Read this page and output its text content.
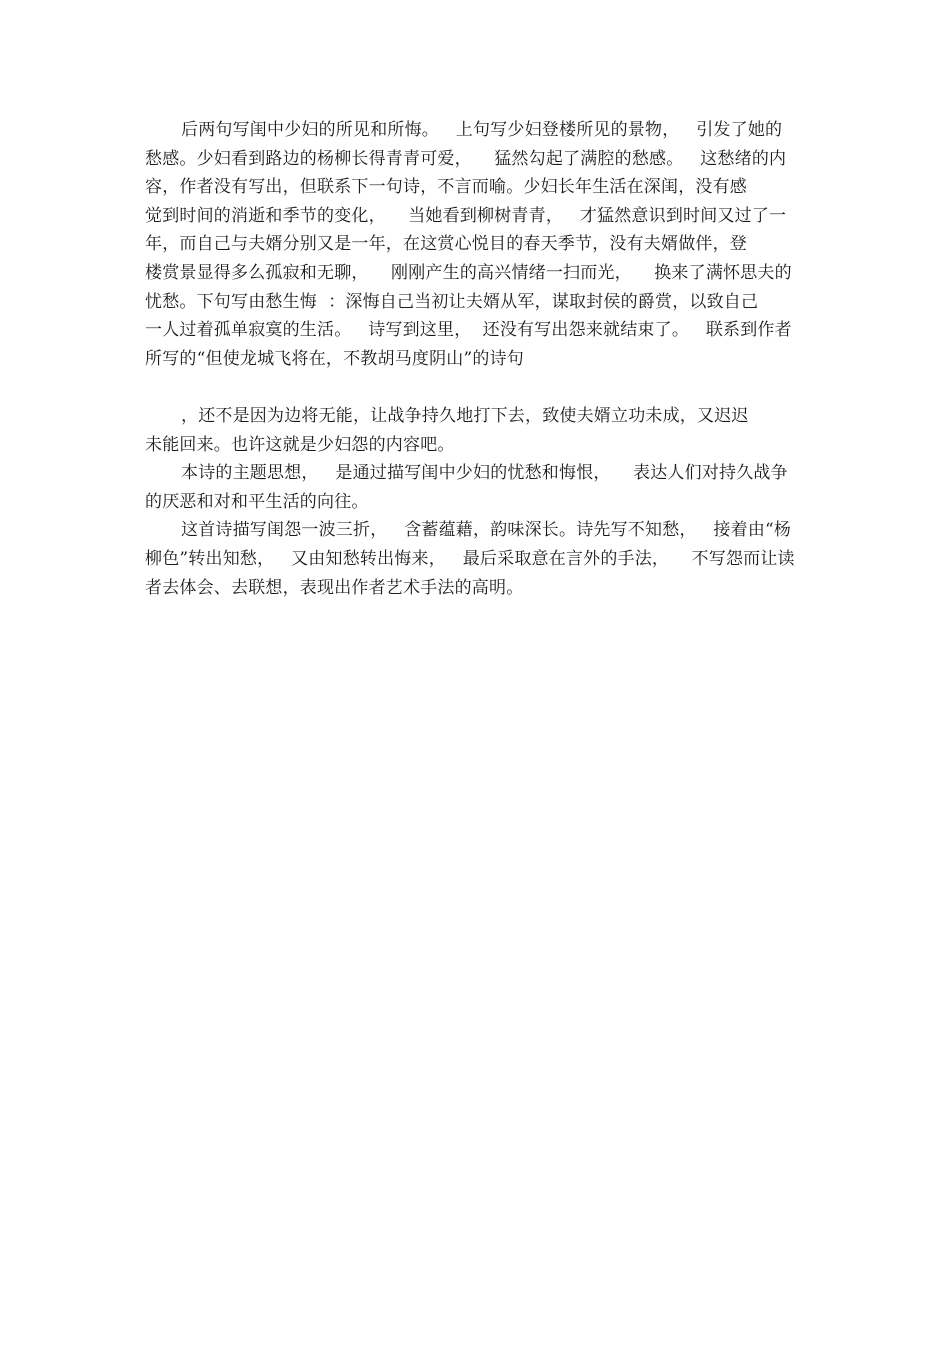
后两句写闺中少妇的所见和所悔。   上句写少妇登楼所见的景物，   引发了她的
愁感。少妇看到路边的杨柳长得青青可爱，    猛然勾起了满腔的愁感。   这愁绪的内
容，作者没有写出，但联系下一句诗，不言而喻。少妇长年生活在深闺，没有感
觉到时间的消逝和季节的变化，    当她看到柳树青青，   才猛然意识到时间又过了一
年，而自己与夫婿分别又是一年，在这赏心悦目的春天季节，没有夫婿做伴，登
楼赏景显得多么孤寂和无聊，    刚刚产生的高兴情绪一扫而光，    换来了满怀思夫的
忧愁。下句写由愁生悔  ：深悔自己当初让夫婿从军，谋取封侯的爵赏，以致自己
一人过着孤单寂寞的生活。   诗写到这里，  还没有写出怨来就结束了。   联系到作者
所写的“但使龙城飞将在，不教胡马度阴山”的诗句
，还不是因为边将无能，让战争持久地打下去，致使夫婿立功未成，又迟迟
未能回来。也许这就是少妇怨的内容吧。
本诗的主题思想，   是通过描写闺中少妇的忧愁和悔恨，    表达人们对持久战争
的厌恶和对和平生活的向往。
这首诗描写闺怨一波三折，   含蓄蕴藉，韵味深长。诗先写不知愁，   接着由“杨
柳色”转出知愁，   又由知愁转出悔来，   最后采取意在言外的手法，    不写怨而让读
者去体会、去联想，表现出作者艺术手法的高明。
